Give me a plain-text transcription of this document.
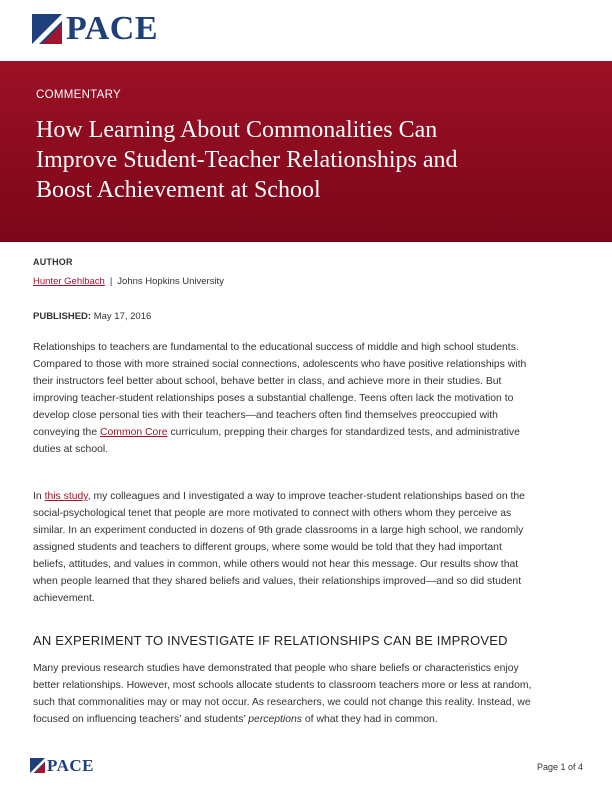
PACE
COMMENTARY
How Learning About Commonalities Can
Improve Student-Teacher Relationships and
Boost Achievement at School
AUTHOR
Hunter Gehlbach | Johns Hopkins University
PUBLISHED: May 17, 2016
Relationships to teachers are fundamental to the educational success of middle and high school students.
Compared to those with more strained social connections, adolescents who have positive relationships with
their instructors feel better about school, behave better in class, and achieve more in their studies. But
improving teacher-student relationships poses a substantial challenge. Teens often lack the motivation to
develop close personal ties with their teachers—and teachers often find themselves preoccupied with
conveying the Common Core curriculum, prepping their charges for standardized tests, and administrative
duties at school.
In this study, my colleagues and I investigated a way to improve teacher-student relationships based on the
social-psychological tenet that people are more motivated to connect with others whom they perceive as
similar. In an experiment conducted in dozens of 9th grade classrooms in a large high school, we randomly
assigned students and teachers to different groups, where some would be told that they had important
beliefs, attitudes, and values in common, while others would not hear this message. Our results show that
when people learned that they shared beliefs and values, their relationships improved—and so did student
achievement.
AN EXPERIMENT TO INVESTIGATE IF RELATIONSHIPS CAN BE IMPROVED
Many previous research studies have demonstrated that people who share beliefs or characteristics enjoy
better relationships. However, most schools allocate students to classroom teachers more or less at random,
such that commonalities may or may not occur. As researchers, we could not change this reality. Instead, we
focused on influencing teachers’ and students’ perceptions of what they had in common.
PACE	Page 1 of 4
